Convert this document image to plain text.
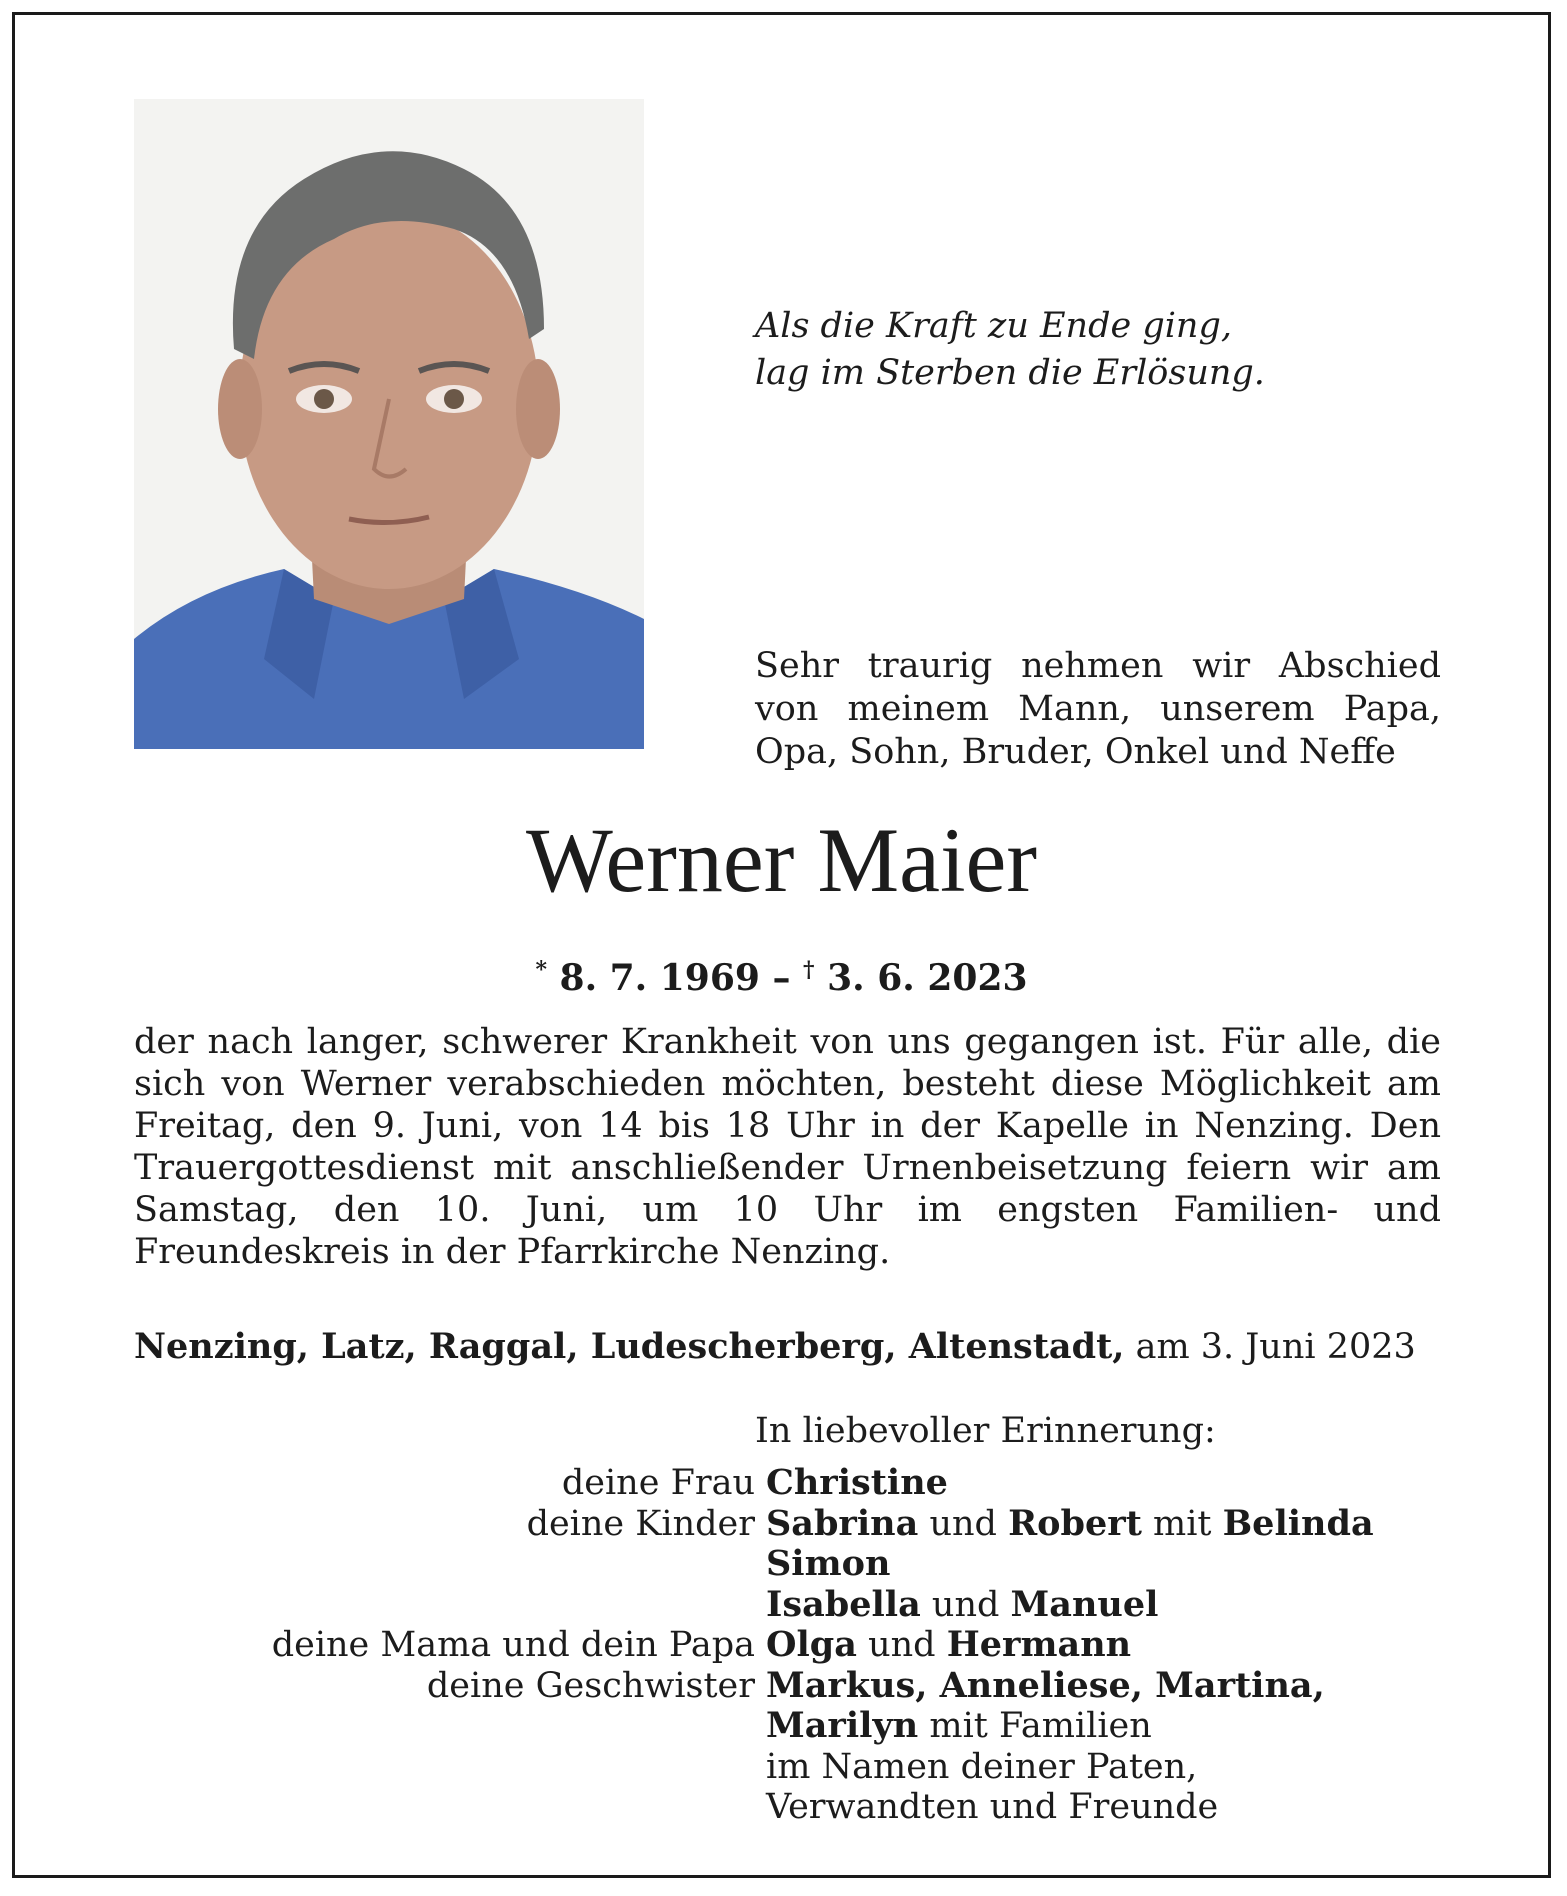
Als die Kraft zu Ende ging,
lag im Sterben die Erlösung.
Sehr traurig nehmen wir Abschied von meinem Mann, unserem Papa, Opa, Sohn, Bruder, Onkel und Neffe
Werner Maier
* 8. 7. 1969 – † 3. 6. 2023
der nach langer, schwerer Krankheit von uns gegangen ist. Für alle, die sich von Werner verabschieden möchten, besteht diese Möglichkeit am Freitag, den 9. Juni, von 14 bis 18 Uhr in der Kapelle in Nenzing. Den Trauergottesdienst mit anschließender Urnenbeisetzung feiern wir am Samstag, den 10. Juni, um 10 Uhr im engsten Familien- und Freundeskreis in der Pfarrkirche Nenzing.
Nenzing, Latz, Raggal, Ludescherberg, Altenstadt, am 3. Juni 2023
In liebevoller Erinnerung:
deine Frau Christine
deine Kinder Sabrina und Robert mit Belinda
Simon
Isabella und Manuel
deine Mama und dein Papa Olga und Hermann
deine Geschwister Markus, Anneliese, Martina,
Marilyn mit Familien
im Namen deiner Paten,
Verwandten und Freunde
